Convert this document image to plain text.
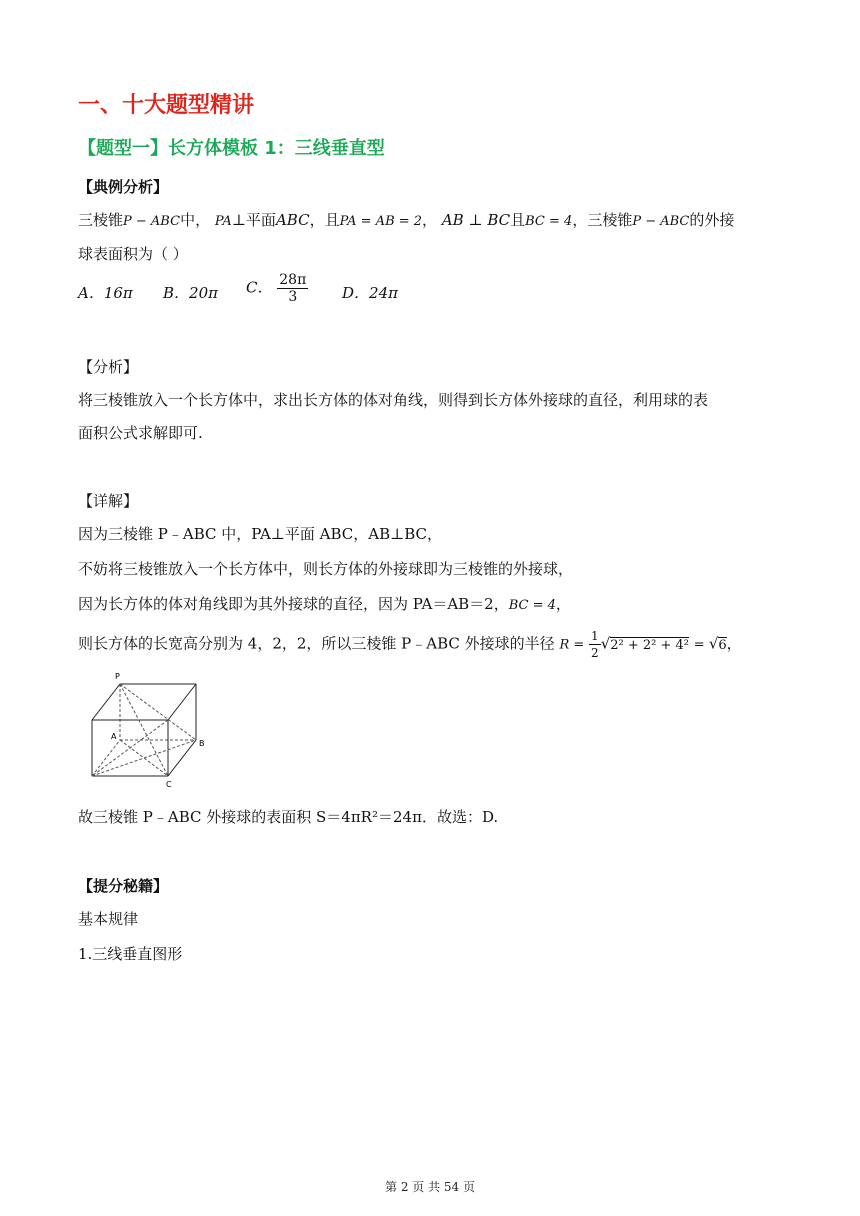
一、十大题型精讲
【题型一】长方体模板 1：三线垂直型
【典例分析】
三棱锥P − ABC中， PA⊥平面ABC，且PA = AB = 2， AB ⊥ BC且BC = 4，三棱锥P − ABC的外接
球表面积为（ ）
A．16π B．20π C． $\frac{28\pi}{3}$ D．24π
【分析】
将三棱锥放入一个长方体中，求出长方体的体对角线，则得到长方体外接球的直径，利用球的表
面积公式求解即可.
【详解】
因为三棱锥 P﹣ABC 中，PA⊥平面 ABC，AB⊥BC，
不妨将三棱锥放入一个长方体中，则长方体的外接球即为三棱锥的外接球，
因为长方体的体对角线即为其外接球的直径，因为 PA＝AB＝2，BC = 4，
则长方体的长宽高分别为 4，2，2，所以三棱锥 P﹣ABC 外接球的半径 $R = \frac{1}{2} √2^2 + 2^2 + 4^2 = √6$，
P
A
B
C
故三棱锥 P﹣ABC 外接球的表面积 S＝4πR²＝24π．故选：D.
【提分秘籍】
基本规律
1.三线垂直图形
第 2 页 共 54 页
